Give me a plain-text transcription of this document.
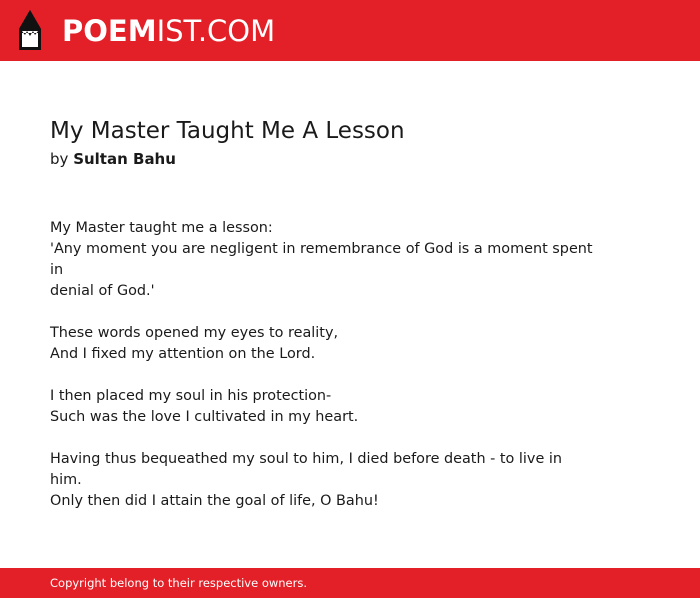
POEMIST.COM
My Master Taught Me A Lesson
by Sultan Bahu

My Master taught me a lesson:
'Any moment you are negligent in remembrance of God is a moment spent in
denial of God.'

These words opened my eyes to reality,
And I fixed my attention on the Lord.

I then placed my soul in his protection-
Such was the love I cultivated in my heart.

Having thus bequeathed my soul to him, I died before death - to live in
him.
Only then did I attain the goal of life, O Bahu!

Copyright belong to their respective owners.
